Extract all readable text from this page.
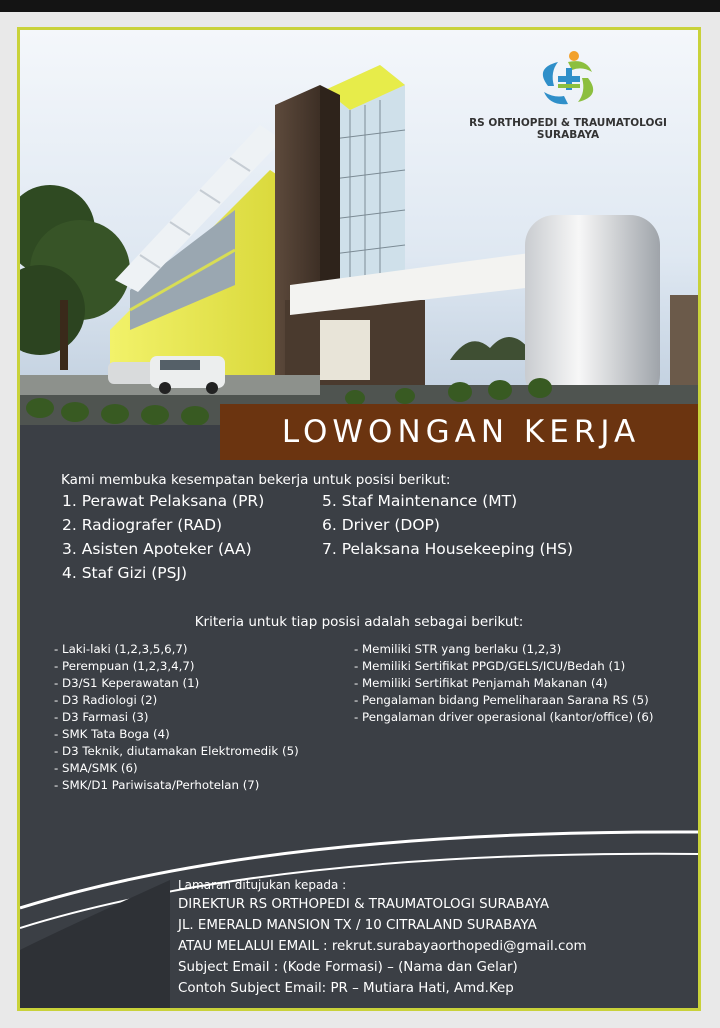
RS ORTHOPEDI & TRAUMATOLOGI
SURABAYA
LOWONGAN KERJA
Kami membuka kesempatan bekerja untuk posisi berikut:
1. Perawat Pelaksana (PR)
2. Radiografer (RAD)
3. Asisten Apoteker (AA)
4. Staf Gizi (PSJ)
5. Staf Maintenance (MT)
6. Driver (DOP)
7. Pelaksana Housekeeping (HS)
Kriteria untuk tiap posisi adalah sebagai berikut:
- Laki-laki (1,2,3,5,6,7)
- Perempuan (1,2,3,4,7)
- D3/S1 Keperawatan (1)
- D3 Radiologi (2)
- D3 Farmasi (3)
- SMK Tata Boga (4)
- D3 Teknik, diutamakan Elektromedik (5)
- SMA/SMK (6)
- SMK/D1 Pariwisata/Perhotelan (7)
- Memiliki STR yang berlaku (1,2,3)
- Memiliki Sertifikat PPGD/GELS/ICU/Bedah (1)
- Memiliki Sertifikat Penjamah Makanan (4)
- Pengalaman bidang Pemeliharaan Sarana RS (5)
- Pengalaman driver operasional (kantor/office) (6)
Lamaran ditujukan kepada :
DIREKTUR RS ORTHOPEDI & TRAUMATOLOGI SURABAYA
JL. EMERALD MANSION TX / 10 CITRALAND SURABAYA
ATAU MELALUI EMAIL : rekrut.surabayaorthopedi@gmail.com
Subject Email : (Kode Formasi) – (Nama dan Gelar)
Contoh Subject Email: PR – Mutiara Hati, Amd.Kep
